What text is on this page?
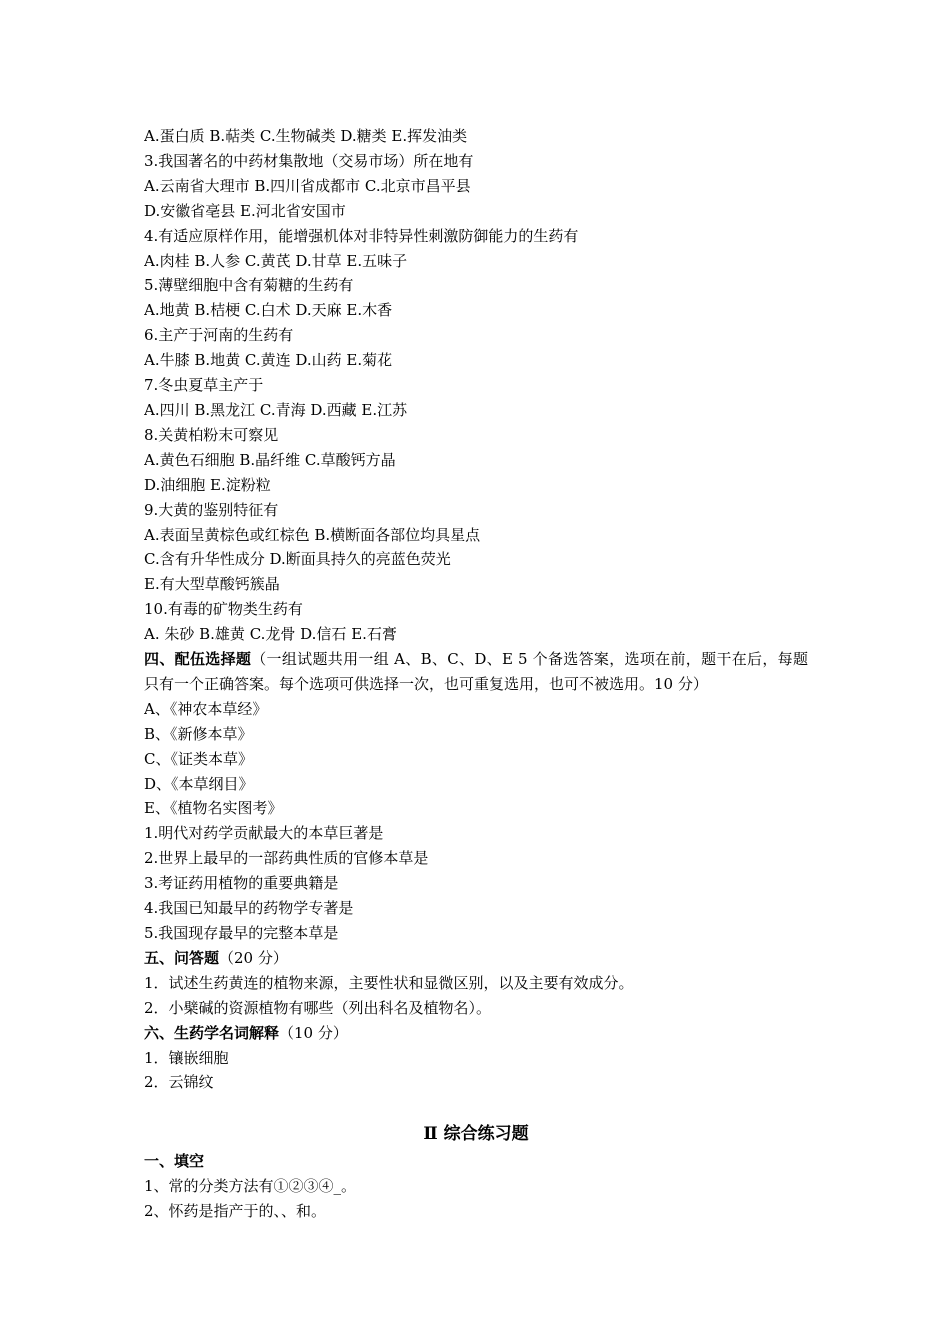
A.蛋白质 B.萜类 C.生物碱类 D.糖类 E.挥发油类
3.我国著名的中药材集散地（交易市场）所在地有
A.云南省大理市 B.四川省成都市 C.北京市昌平县
D.安徽省亳县 E.河北省安国市
4.有适应原样作用，能增强机体对非特异性刺激防御能力的生药有
A.肉桂 B.人参 C.黄芪 D.甘草 E.五味子
5.薄壁细胞中含有菊糖的生药有
A.地黄 B.桔梗 C.白术 D.天麻 E.木香
6.主产于河南的生药有
A.牛膝 B.地黄 C.黄连 D.山药 E.菊花
7.冬虫夏草主产于
A.四川 B.黑龙江 C.青海 D.西藏 E.江苏
8.关黄柏粉末可察见
A.黄色石细胞 B.晶纤维 C.草酸钙方晶
D.油细胞 E.淀粉粒
9.大黄的鉴别特征有
A.表面呈黄棕色或红棕色 B.横断面各部位均具星点
C.含有升华性成分 D.断面具持久的亮蓝色荧光
E.有大型草酸钙簇晶
10.有毒的矿物类生药有
A. 朱砂 B.雄黄 C.龙骨 D.信石 E.石膏
四、配伍选择题（一组试题共用一组 A、B、C、D、E 5 个备选答案，选项在前，题干在后，每题只有一个正确答案。每个选项可供选择一次，也可重复选用，也可不被选用。10 分）
A、《神农本草经》
B、《新修本草》
C、《证类本草》
D、《本草纲目》
E、《植物名实图考》
1.明代对药学贡献最大的本草巨著是
2.世界上最早的一部药典性质的官修本草是
3.考证药用植物的重要典籍是
4.我国已知最早的药物学专著是
5.我国现存最早的完整本草是
五、问答题（20 分）
1．试述生药黄连的植物来源，主要性状和显微区别，以及主要有效成分。
2．小檗碱的资源植物有哪些（列出科名及植物名）。
六、生药学名词解释（10 分）
1．镶嵌细胞
2．云锦纹
Ⅱ 综合练习题
一、填空
1、常的分类方法有①②③④_。
2、怀药是指产于的、、和。
